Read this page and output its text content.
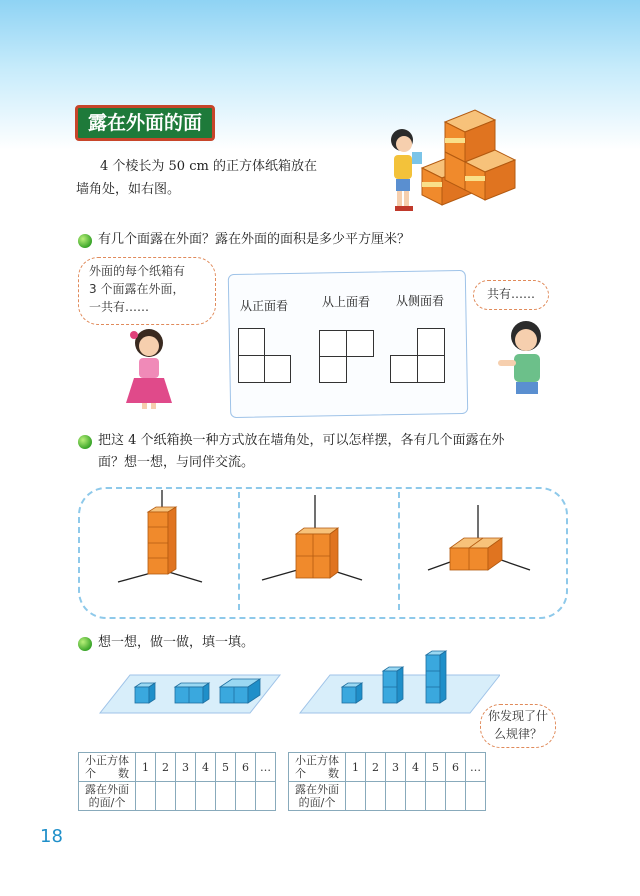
露在外面的面
4 个棱长为 50 cm 的正方体纸箱放在
墙角处，如右图。
有几个面露在外面？露在外面的面积是多少平方厘米？
外面的每个纸箱有
3 个面露在外面，
一共有……	从正面看	从上面看 从侧面看	共有……
把这 4 个纸箱换一种方式放在墙角处，可以怎样摆，各有几个面露在外
面？想一想，与同伴交流。
想一想，做一做，填一填。
你发现了什
么规律？
小正方体
个　　数	1	2	3	4	5	6	…

露在外面
的面/个							

小正方体
个　　数	1	2	3	4	5	6	…

露在外面
的面/个							

18
